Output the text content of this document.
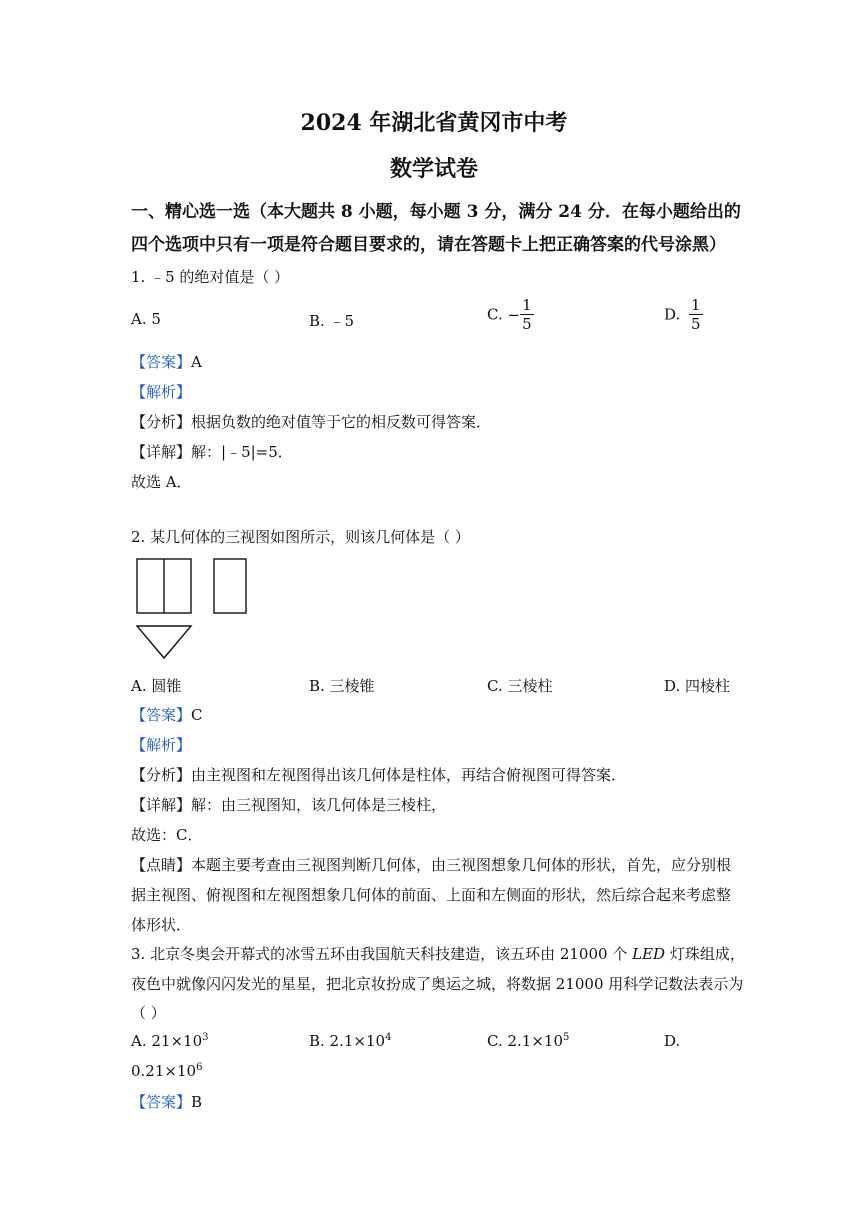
2024 年湖北省黄冈市中考
数学试卷
一、精心选一选（本大题共 8 小题，每小题 3 分，满分 24 分．在每小题给出的
四个选项中只有一项是符合题目要求的，请在答题卡上把正确答案的代号涂黑）
1. ﹣5 的绝对值是（ ）
A. 5	B. ﹣5	C. − $\frac{1}{5}$	D. $\frac{1}{5}$
【答案】A
【解析】
【分析】根据负数的绝对值等于它的相反数可得答案．
【详解】解：|﹣5|=5．
故选 A．
2. 某几何体的三视图如图所示，则该几何体是（ ）
A. 圆锥	B. 三棱锥	C. 三棱柱	D. 四棱柱
【答案】C
【解析】
【分析】由主视图和左视图得出该几何体是柱体，再结合俯视图可得答案．
【详解】解：由三视图知，该几何体是三棱柱，
故选：C．
【点睛】本题主要考查由三视图判断几何体，由三视图想象几何体的形状，首先，应分别根
据主视图、俯视图和左视图想象几何体的前面、上面和左侧面的形状，然后综合起来考虑整
体形状．
3. 北京冬奥会开幕式的冰雪五环由我国航天科技建造，该五环由 21000 个 LED 灯珠组成，
夜色中就像闪闪发光的星星，把北京妆扮成了奥运之城，将数据 21000 用科学记数法表示为
（ ）
A. $21\times 10^3$	B. $2.1\times 10^4$	C. $2.1\times 10^5$	D.
$0.21\times 10^6$
【答案】B
